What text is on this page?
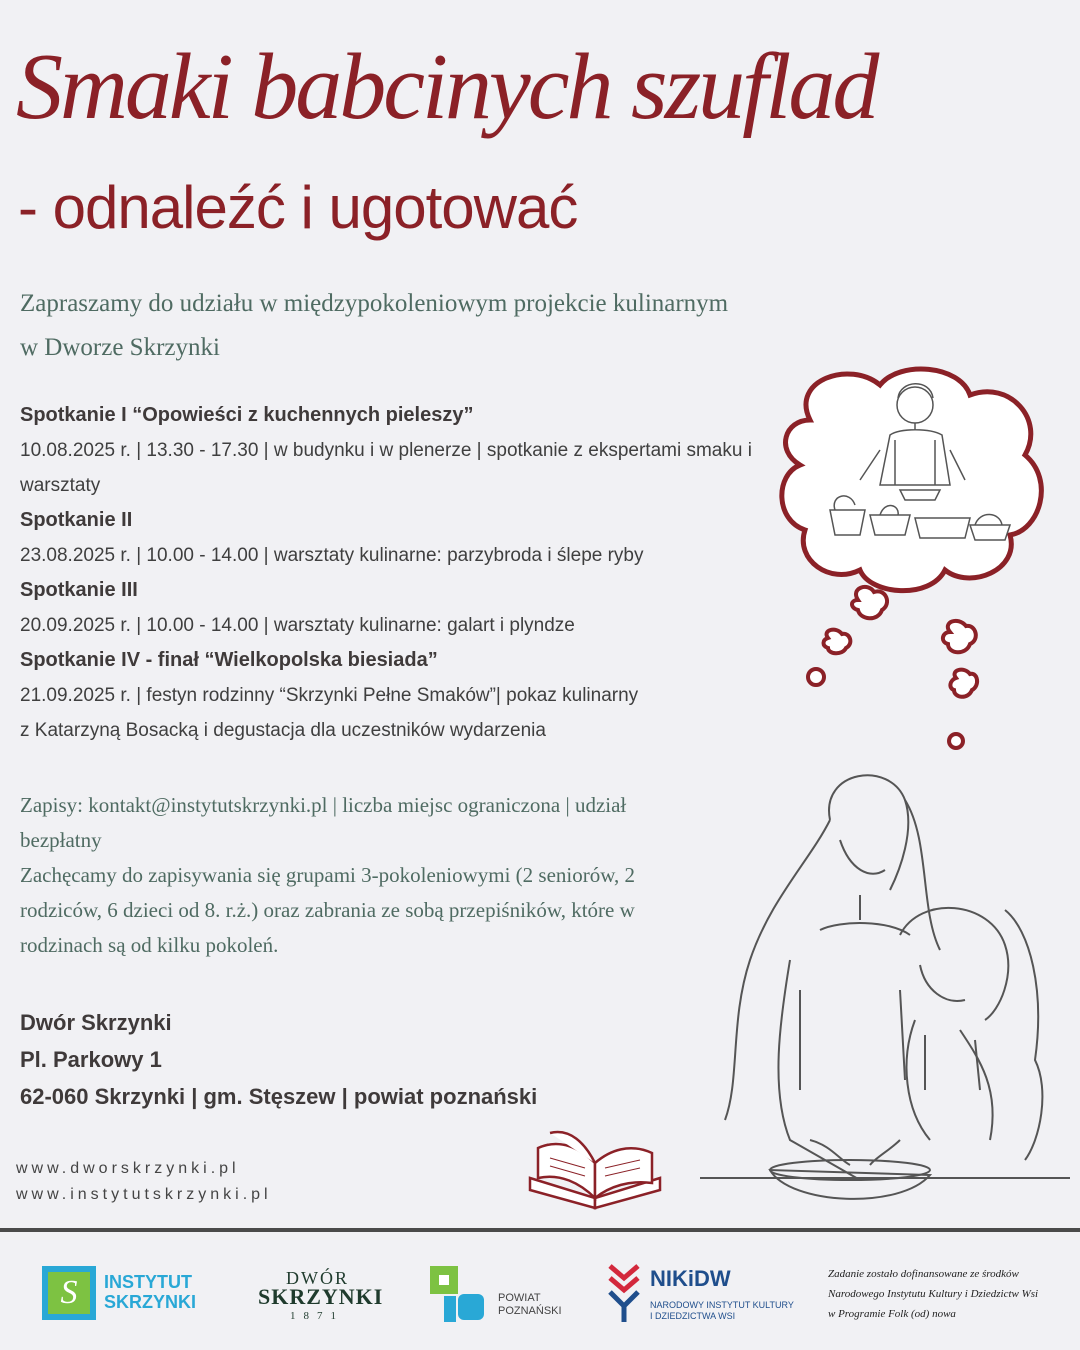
Smaki babcinych szuflad
- odnaleźć i ugotować
Zapraszamy do udziału w międzypokoleniowym projekcie kulinarnym
w Dworze Skrzynki
Spotkanie I “Opowieści z kuchennych pieleszy”
10.08.2025 r. | 13.30 - 17.30 | w budynku i w plenerze | spotkanie z ekspertami smaku i warsztaty
Spotkanie II
23.08.2025 r. | 10.00 - 14.00 | warsztaty kulinarne: parzybroda i ślepe ryby
Spotkanie III
20.09.2025 r. | 10.00 - 14.00 | warsztaty kulinarne: galart i plyndze
Spotkanie IV - finał “Wielkopolska biesiada”
21.09.2025 r. | festyn rodzinny “Skrzynki Pełne Smaków”| pokaz kulinarny
z Katarzyną Bosacką i degustacja dla uczestników wydarzenia
Zapisy: kontakt@instytutskrzynki.pl | liczba miejsc ograniczona | udział bezpłatny
Zachęcamy do zapisywania się grupami 3-pokoleniowymi (2 seniorów, 2 rodziców, 6 dzieci od 8. r.ż.) oraz zabrania ze sobą przepiśników, które w rodzinach są od kilku pokoleń.
Dwór Skrzynki
Pl. Parkowy 1
62-060 Skrzynki | gm. Stęszew | powiat poznański
www.dworskrzynki.pl
www.instytutskrzynki.pl
S	INSTYTUT
SKRZYNKI
DWÓR
SKRZYNKI
1871
POWIAT
POZNAŃSKI
NIKiDW
NARODOWY INSTYTUT KULTURY
I DZIEDZICTWA WSI
Zadanie zostało dofinansowane ze środków
Narodowego Instytutu Kultury i Dziedzictw Wsi
w Programie Folk (od) nowa
